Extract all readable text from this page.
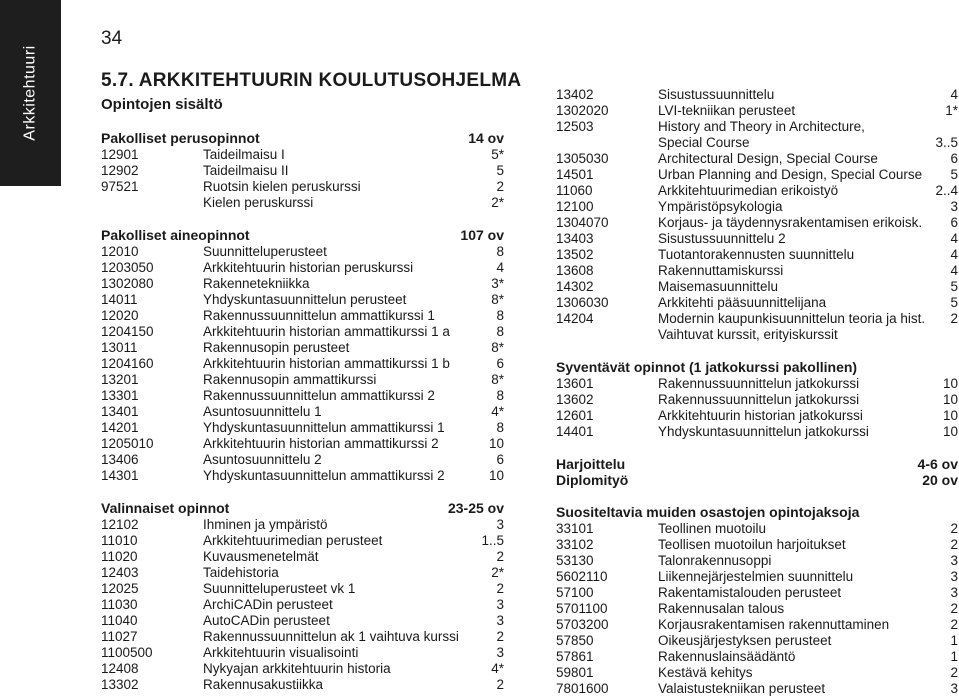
Arkkitehtuuri
34
5.7. ARKKITEHTUURIN KOULUTUSOHJELMA
Opintojen sisältö
Pakolliset perusopinnot	14 ov
12901	Taideilmaisu I	5*
12902	Taideilmaisu II	5
97521	Ruotsin kielen peruskurssi	2
Kielen peruskurssi	2*
Pakolliset aineopinnot	107 ov
12010	Suunnitteluperusteet	8
1203050	Arkkitehtuurin historian peruskurssi	4
1302080	Rakennetekniikka	3*
14011	Yhdyskuntasuunnittelun perusteet	8*
12020	Rakennussuunnittelun ammattikurssi 1	8
1204150	Arkkitehtuurin historian ammattikurssi 1 a	8
13011	Rakennusopin perusteet	8*
1204160	Arkkitehtuurin historian ammattikurssi 1 b	6
13201	Rakennusopin ammattikurssi	8*
13301	Rakennussuunnittelun ammattikurssi 2	8
13401	Asuntosuunnittelu 1	4*
14201	Yhdyskuntasuunnittelun ammattikurssi 1	8
1205010	Arkkitehtuurin historian ammattikurssi 2	10
13406	Asuntosuunnittelu 2	6
14301	Yhdyskuntasuunnittelun ammattikurssi 2	10
Valinnaiset opinnot	23-25 ov
12102	Ihminen ja ympäristö	3
11010	Arkkitehtuurimedian perusteet	1..5
11020	Kuvausmenetelmät	2
12403	Taidehistoria	2*
12025	Suunnitteluperusteet vk 1	2
11030	ArchiCADin perusteet	3
11040	AutoCADin perusteet	3
11027	Rakennussuunnittelun ak 1 vaihtuva kurssi	2
1100500	Arkkitehtuurin visualisointi	3
12408	Nykyajan arkkitehtuurin historia	4*
13302	Rakennusakustiikka	2
13402	Sisustussuunnittelu	4
1302020	LVI-tekniikan perusteet	1*
12503	History and Theory in Architecture,
Special Course	3..5
1305030	Architectural Design, Special Course	6
14501	Urban Planning and Design, Special Course 5
11060	Arkkitehtuurimedian erikoistyö	2..4
12100	Ympäristöpsykologia	3
1304070	Korjaus- ja täydennysrakentamisen erikoisk. 6
13403	Sisustussuunnittelu 2	4
13502	Tuotantorakennusten suunnittelu	4
13608	Rakennuttamiskurssi	4
14302	Maisemasuunnittelu	5
1306030	Arkkitehti pääsuunnittelijana	5
14204	Modernin kaupunkisuunnittelun teoria ja hist. 2
Vaihtuvat kurssit, erityiskurssit
Syventävät opinnot (1 jatkokurssi pakollinen)
13601	Rakennussuunnittelun jatkokurssi	10
13602	Rakennussuunnittelun jatkokurssi	10
12601	Arkkitehtuurin historian jatkokurssi	10
14401	Yhdyskuntasuunnittelun jatkokurssi	10
Harjoittelu	4-6 ov
Diplomityö	20 ov
Suositeltavia muiden osastojen opintojaksoja
33101	Teollinen muotoilu	2
33102	Teollisen muotoilun harjoitukset	2
53130	Talonrakennusoppi	3
5602110	Liikennejärjestelmien suunnittelu	3
57100	Rakentamistalouden perusteet	3
5701100	Rakennusalan talous	2
5703200	Korjausrakentamisen rakennuttaminen	2
57850	Oikeusjärjestyksen perusteet	1
57861	Rakennuslainsäädäntö	1
59801	Kestävä kehitys	2
7801600	Valaistustekniikan perusteet	3
